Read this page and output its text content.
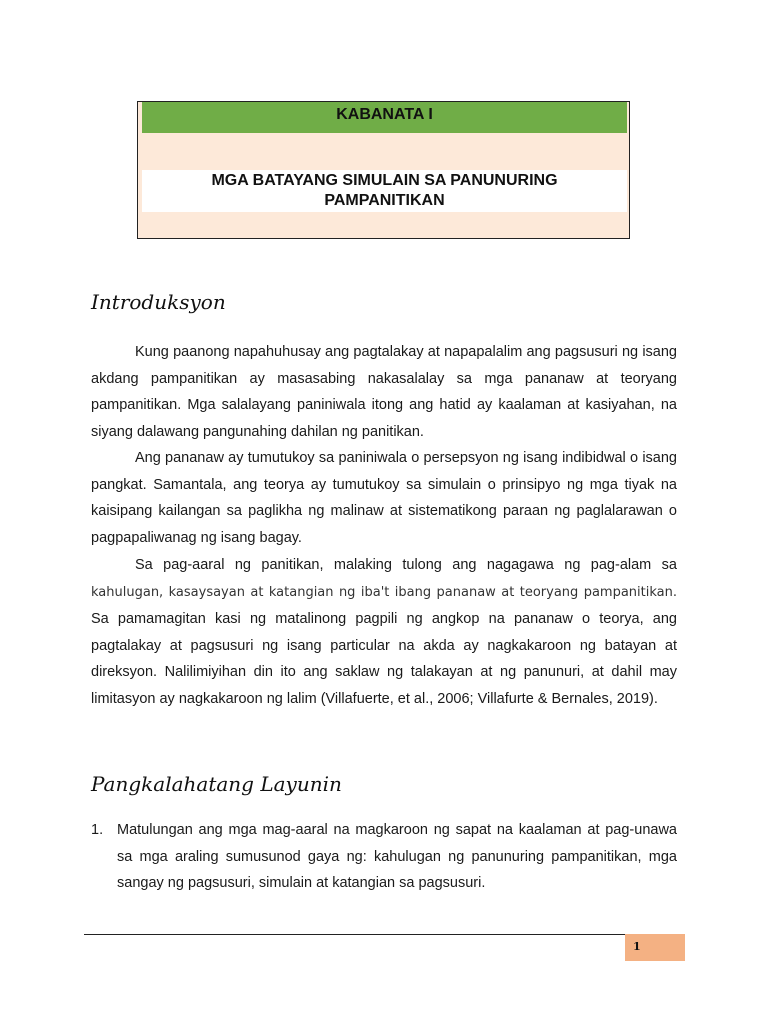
KABANATA I
MGA BATAYANG SIMULAIN SA PANUNURING
PAMPANITIKAN
Introduksyon

Kung paanong napahuhusay ang pagtalakay at napapalalim ang pagsusuri ng isang akdang pampanitikan ay masasabing nakasalalay sa mga pananaw at teoryang pampanitikan. Mga salalayang paniniwala itong ang hatid ay kaalaman at kasiyahan, na siyang dalawang pangunahing dahilan ng panitikan.

Ang pananaw ay tumutukoy sa paniniwala o persepsyon ng isang indibidwal o isang pangkat. Samantala, ang teorya ay tumutukoy sa simulain o prinsipyo ng mga tiyak na kaisipang kailangan sa paglikha ng malinaw at sistematikong paraan ng paglalarawan o pagpapaliwanag ng isang bagay.

Sa pag-aaral ng panitikan, malaking tulong ang nagagawa ng pag-alam sa kahulugan, kasaysayan at katangian ng iba't ibang pananaw at teoryang pampanitikan. Sa pamamagitan kasi ng matalinong pagpili ng angkop na pananaw o teorya, ang pagtalakay at pagsusuri ng isang particular na akda ay nagkakaroon ng batayan at direksyon. Nalilimiyihan din ito ang saklaw ng talakayan at ng panunuri, at dahil may limitasyon ay nagkakaroon ng lalim (Villafuerte, et al., 2006; Villafurte & Bernales, 2019).

Pangkalahatang Layunin
1. Matulungan ang mga mag-aaral na magkaroon ng sapat na kaalaman at pag-unawa sa mga araling sumusunod gaya ng: kahulugan ng panunuring pampanitikan, mga sangay ng pagsusuri, simulain at katangian sa pagsusuri.
1
